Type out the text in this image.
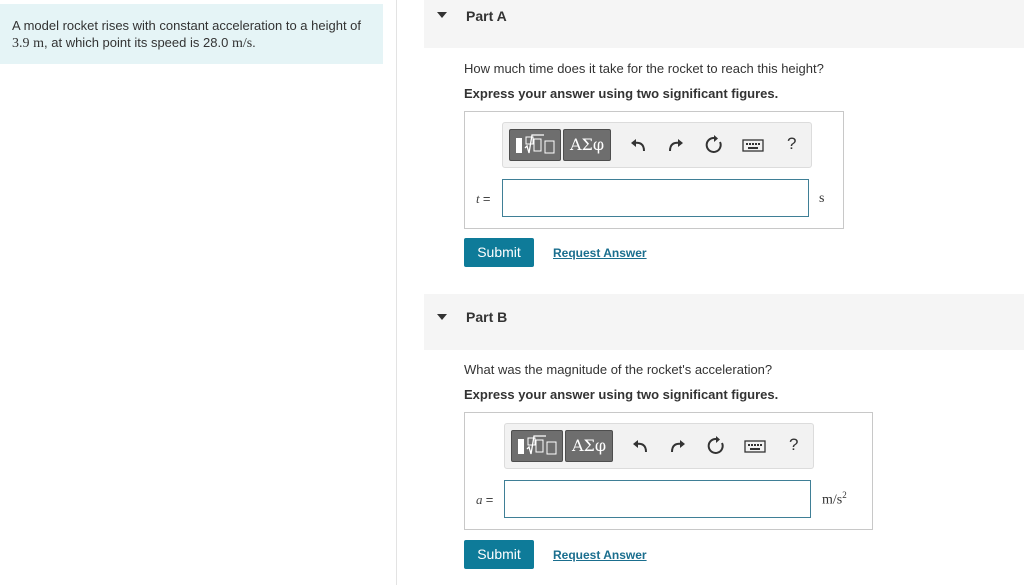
A model rocket rises with constant acceleration to a height of
3.9 m, at which point its speed is 28.0 m/s.
Part A
How much time does it take for the rocket to reach this height?
Express your answer using two significant figures.
ΑΣφ	?
t =	s
Submit	Request Answer
Part B
What was the magnitude of the rocket's acceleration?
Express your answer using two significant figures.
ΑΣφ	?
a =	$m/s^2$
Submit	Request Answer
